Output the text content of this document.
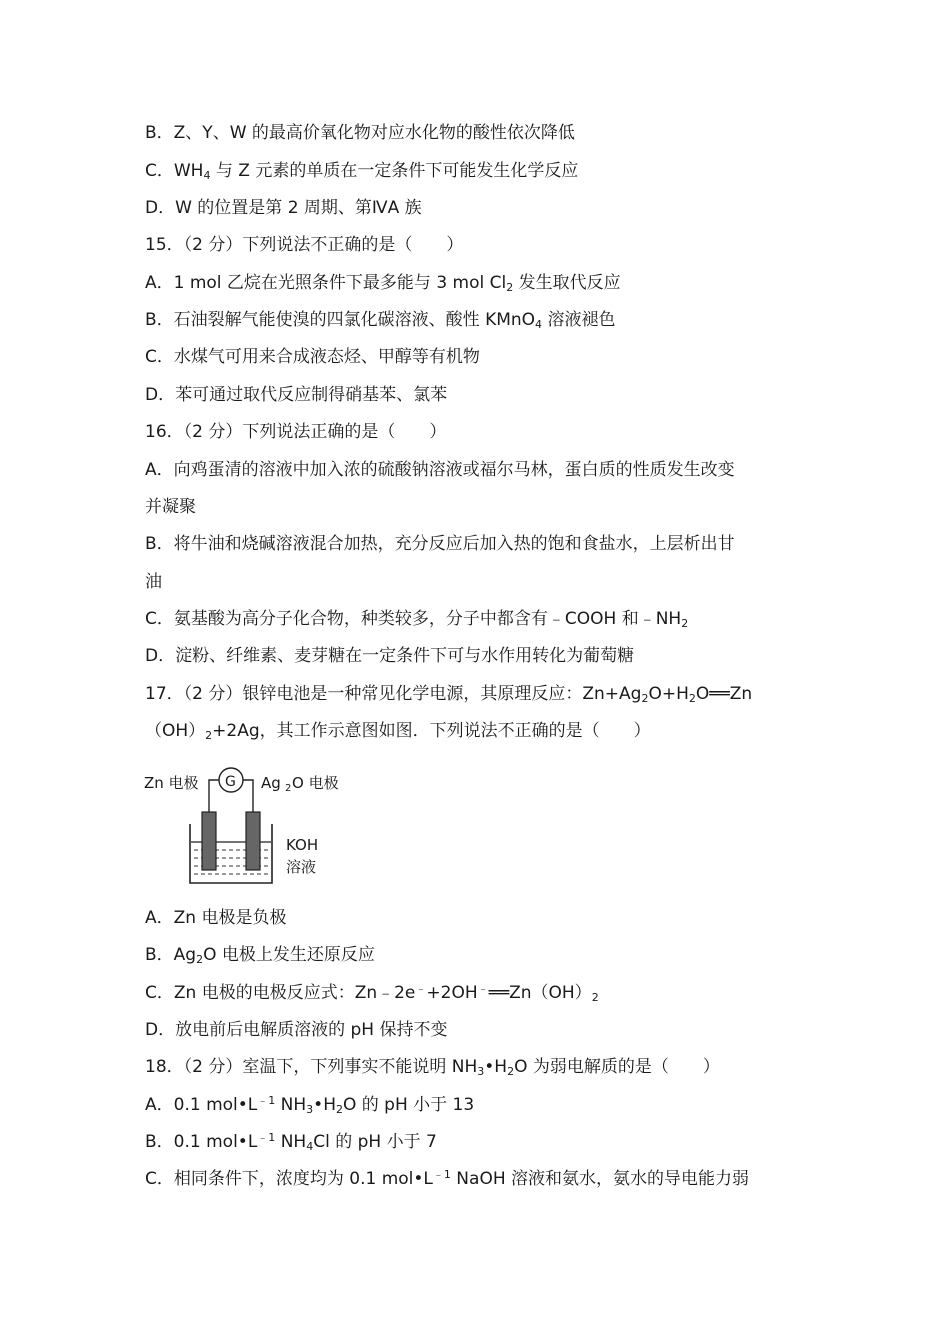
B．Z、Y、W 的最高价氧化物对应水化物的酸性依次降低
C．$WH_4$ 与 Z 元素的单质在一定条件下可能发生化学反应
D．W 的位置是第 2 周期、第ⅣA 族
15．（2 分）下列说法不正确的是（　　）
A．1 mol 乙烷在光照条件下最多能与 3 mol $Cl_2$ 发生取代反应
B．石油裂解气能使溴的四氯化碳溶液、酸性 KMnO$_4$ 溶液褪色
C．水煤气可用来合成液态烃、甲醇等有机物
D．苯可通过取代反应制得硝基苯、氯苯
16．（2 分）下列说法正确的是（　　）
A．向鸡蛋清的溶液中加入浓的硫酸钠溶液或福尔马林，蛋白质的性质发生改变
并凝聚
B．将牛油和烧碱溶液混合加热，充分反应后加入热的饱和食盐水，上层析出甘
油
C．氨基酸为高分子化合物，种类较多，分子中都含有﹣COOH 和$﹣NH_2$
D．淀粉、纤维素、麦芽糖在一定条件下可与水作用转化为葡萄糖
17．（2 分）银锌电池是一种常见化学电源，其原理反应：$Zn+Ag_2O+H_2O══Zn$
$(OH)_2+2Ag$，其工作示意图如图．下列说法不正确的是（　　）
Zn 电极	Ag 2 O 电极
G
KOH
溶液
A．Zn 电极是负极
B．$Ag_2O$ 电极上发生还原反应
C．Zn 电极的电极反应式：$Zn﹣2e^﹣+2OH^﹣══Zn(OH)_2$
D．放电前后电解质溶液的 pH 保持不变
18．（2 分）室温下，下列事实不能说明 $NH_3•H_2O$ 为弱电解质的是（　　）
A．0.1 $mol•L^{﹣1}$ $NH_3•H_2O$ 的 pH 小于 13
B．0.1 $mol•L^{﹣1}$ $NH_4Cl$ 的 pH 小于 7
C．相同条件下，浓度均为 0.1 $mol•L^{﹣1}$ NaOH 溶液和氨水，氨水的导电能力弱
